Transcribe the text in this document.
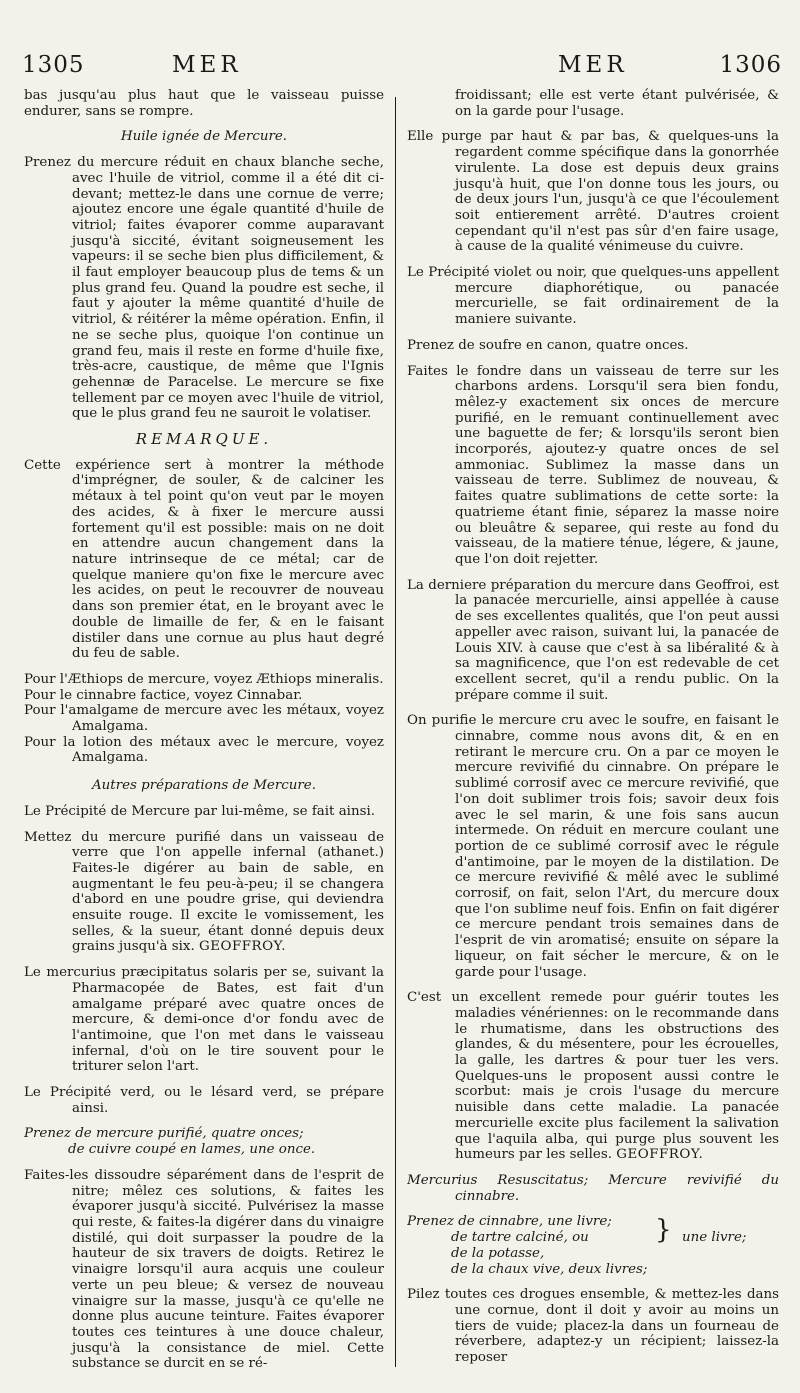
1305	MER	MER	1306

bas jusqu'au plus haut que le vaisseau puisse endurer, sans se rompre.

Huile ignée de Mercure.

Prenez du mercure réduit en chaux blanche seche, avec l'huile de vitriol, comme il a été dit ci-devant; mettez-le dans une cornue de verre; ajoutez encore une égale quantité d'huile de vitriol; faites évaporer comme auparavant jusqu'à siccité, évitant soigneusement les vapeurs: il se seche bien plus difficilement, & il faut employer beaucoup plus de tems & un plus grand feu. Quand la poudre est seche, il faut y ajouter la même quantité d'huile de vitriol, & réitérer la même opération. Enfin, il ne se seche plus, quoique l'on continue un grand feu, mais il reste en forme d'huile fixe, très-acre, caustique, de même que l'Ignis gehennæ de Paracelse. Le mercure se fixe tellement par ce moyen avec l'huile de vitriol, que le plus grand feu ne sauroit le volatiser.

REMARQUE.

Cette expérience sert à montrer la méthode d'imprégner, de souler, & de calciner les métaux à tel point qu'on veut par le moyen des acides, & à fixer le mercure aussi fortement qu'il est possible: mais on ne doit en attendre aucun changement dans la nature intrinseque de ce métal; car de quelque maniere qu'on fixe le mercure avec les acides, on peut le recouvrer de nouveau dans son premier état, en le broyant avec le double de limaille de fer, & en le faisant distiler dans une cornue au plus haut degré du feu de sable.

Pour l'Æthiops de mercure, voyez Æthiops mineralis.

Pour le cinnabre factice, voyez Cinnabar.

Pour l'amalgame de mercure avec les métaux, voyez Amalgama.

Pour la lotion des métaux avec le mercure, voyez Amalgama.

Autres préparations de Mercure.

Le Précipité de Mercure par lui-même, se fait ainsi.

Mettez du mercure purifié dans un vaisseau de verre que l'on appelle infernal (athanet.) Faites-le digérer au bain de sable, en augmentant le feu peu-à-peu; il se changera d'abord en une poudre grise, qui deviendra ensuite rouge. Il excite le vomissement, les selles, & la sueur, étant donné depuis deux grains jusqu'à six. GEOFFROY.

Le mercurius præcipitatus solaris per se, suivant la Pharmacopée de Bates, est fait d'un amalgame préparé avec quatre onces de mercure, & demi-once d'or fondu avec de l'antimoine, que l'on met dans le vaisseau infernal, d'où on le tire souvent pour le triturer selon l'art.

Le Précipité verd, ou le lésard verd, se prépare ainsi.

Prenez de mercure purifié, quatre onces;
de cuivre coupé en lames, une once.

Faites-les dissoudre séparément dans de l'esprit de nitre; mêlez ces solutions, & faites les évaporer jusqu'à siccité. Pulvérisez la masse qui reste, & faites-la digérer dans du vinaigre distilé, qui doit surpasser la poudre de la hauteur de six travers de doigts. Retirez le vinaigre lorsqu'il aura acquis une couleur verte un peu bleue; & versez de nouveau vinaigre sur la masse, jusqu'à ce qu'elle ne donne plus aucune teinture. Faites évaporer toutes ces teintures à une douce chaleur, jusqu'à la consistance de miel. Cette substance se durcit en se ré-

froidissant; elle est verte étant pulvérisée, & on la garde pour l'usage.

Elle purge par haut & par bas, & quelques-uns la regardent comme spécifique dans la gonorrhée virulente. La dose est depuis deux grains jusqu'à huit, que l'on donne tous les jours, ou de deux jours l'un, jusqu'à ce que l'écoulement soit entierement arrêté. D'autres croient cependant qu'il n'est pas sûr d'en faire usage, à cause de la qualité vénimeuse du cuivre.

Le Précipité violet ou noir, que quelques-uns appellent mercure diaphorétique, ou panacée mercurielle, se fait ordinairement de la maniere suivante.

Prenez de soufre en canon, quatre onces.

Faites le fondre dans un vaisseau de terre sur les charbons ardens. Lorsqu'il sera bien fondu, mêlez-y exactement six onces de mercure purifié, en le remuant continuellement avec une baguette de fer; & lorsqu'ils seront bien incorporés, ajoutez-y quatre onces de sel ammoniac. Sublimez la masse dans un vaisseau de terre. Sublimez de nouveau, & faites quatre sublimations de cette sorte: la quatrieme étant finie, séparez la masse noire ou bleuâtre & separee, qui reste au fond du vaisseau, de la matiere ténue, légere, & jaune, que l'on doit rejetter.

La derniere préparation du mercure dans Geoffroi, est la panacée mercurielle, ainsi appellée à cause de ses excellentes qualités, que l'on peut aussi appeller avec raison, suivant lui, la panacée de Louis XIV. à cause que c'est à sa libéralité & à sa magnificence, que l'on est redevable de cet excellent secret, qu'il a rendu public. On la prépare comme il suit.

On purifie le mercure cru avec le soufre, en faisant le cinnabre, comme nous avons dit, & en en retirant le mercure cru. On a par ce moyen le mercure revivifié du cinnabre. On prépare le sublimé corrosif avec ce mercure revivifié, que l'on doit sublimer trois fois; savoir deux fois avec le sel marin, & une fois sans aucun intermede. On réduit en mercure coulant une portion de ce sublimé corrosif avec le régule d'antimoine, par le moyen de la distilation. De ce mercure revivifié & mêlé avec le sublimé corrosif, on fait, selon l'Art, du mercure doux que l'on sublime neuf fois. Enfin on fait digérer ce mercure pendant trois semaines dans de l'esprit de vin aromatisé; ensuite on sépare la liqueur, on fait sécher le mercure, & on le garde pour l'usage.

C'est un excellent remede pour guérir toutes les maladies vénériennes: on le recommande dans le rhumatisme, dans les obstructions des glandes, & du mésentere, pour les écrouelles, la galle, les dartres & pour tuer les vers. Quelques-uns le proposent aussi contre le scorbut: mais je crois l'usage du mercure nuisible dans cette maladie. La panacée mercurielle excite plus facilement la salivation que l'aquila alba, qui purge plus souvent les humeurs par les selles. GEOFFROY.

Mercurius Resuscitatus; Mercure revivifié du cinnabre.

Prenez de cinnabre, une livre;
de tartre calciné, ou
de la potasse,
de la chaux vive, deux livres;
} une livre;

Pilez toutes ces drogues ensemble, & mettez-les dans une cornue, dont il doit y avoir au moins un tiers de vuide; placez-la dans un fourneau de réverbere, adaptez-y un récipient; laissez-la reposer
